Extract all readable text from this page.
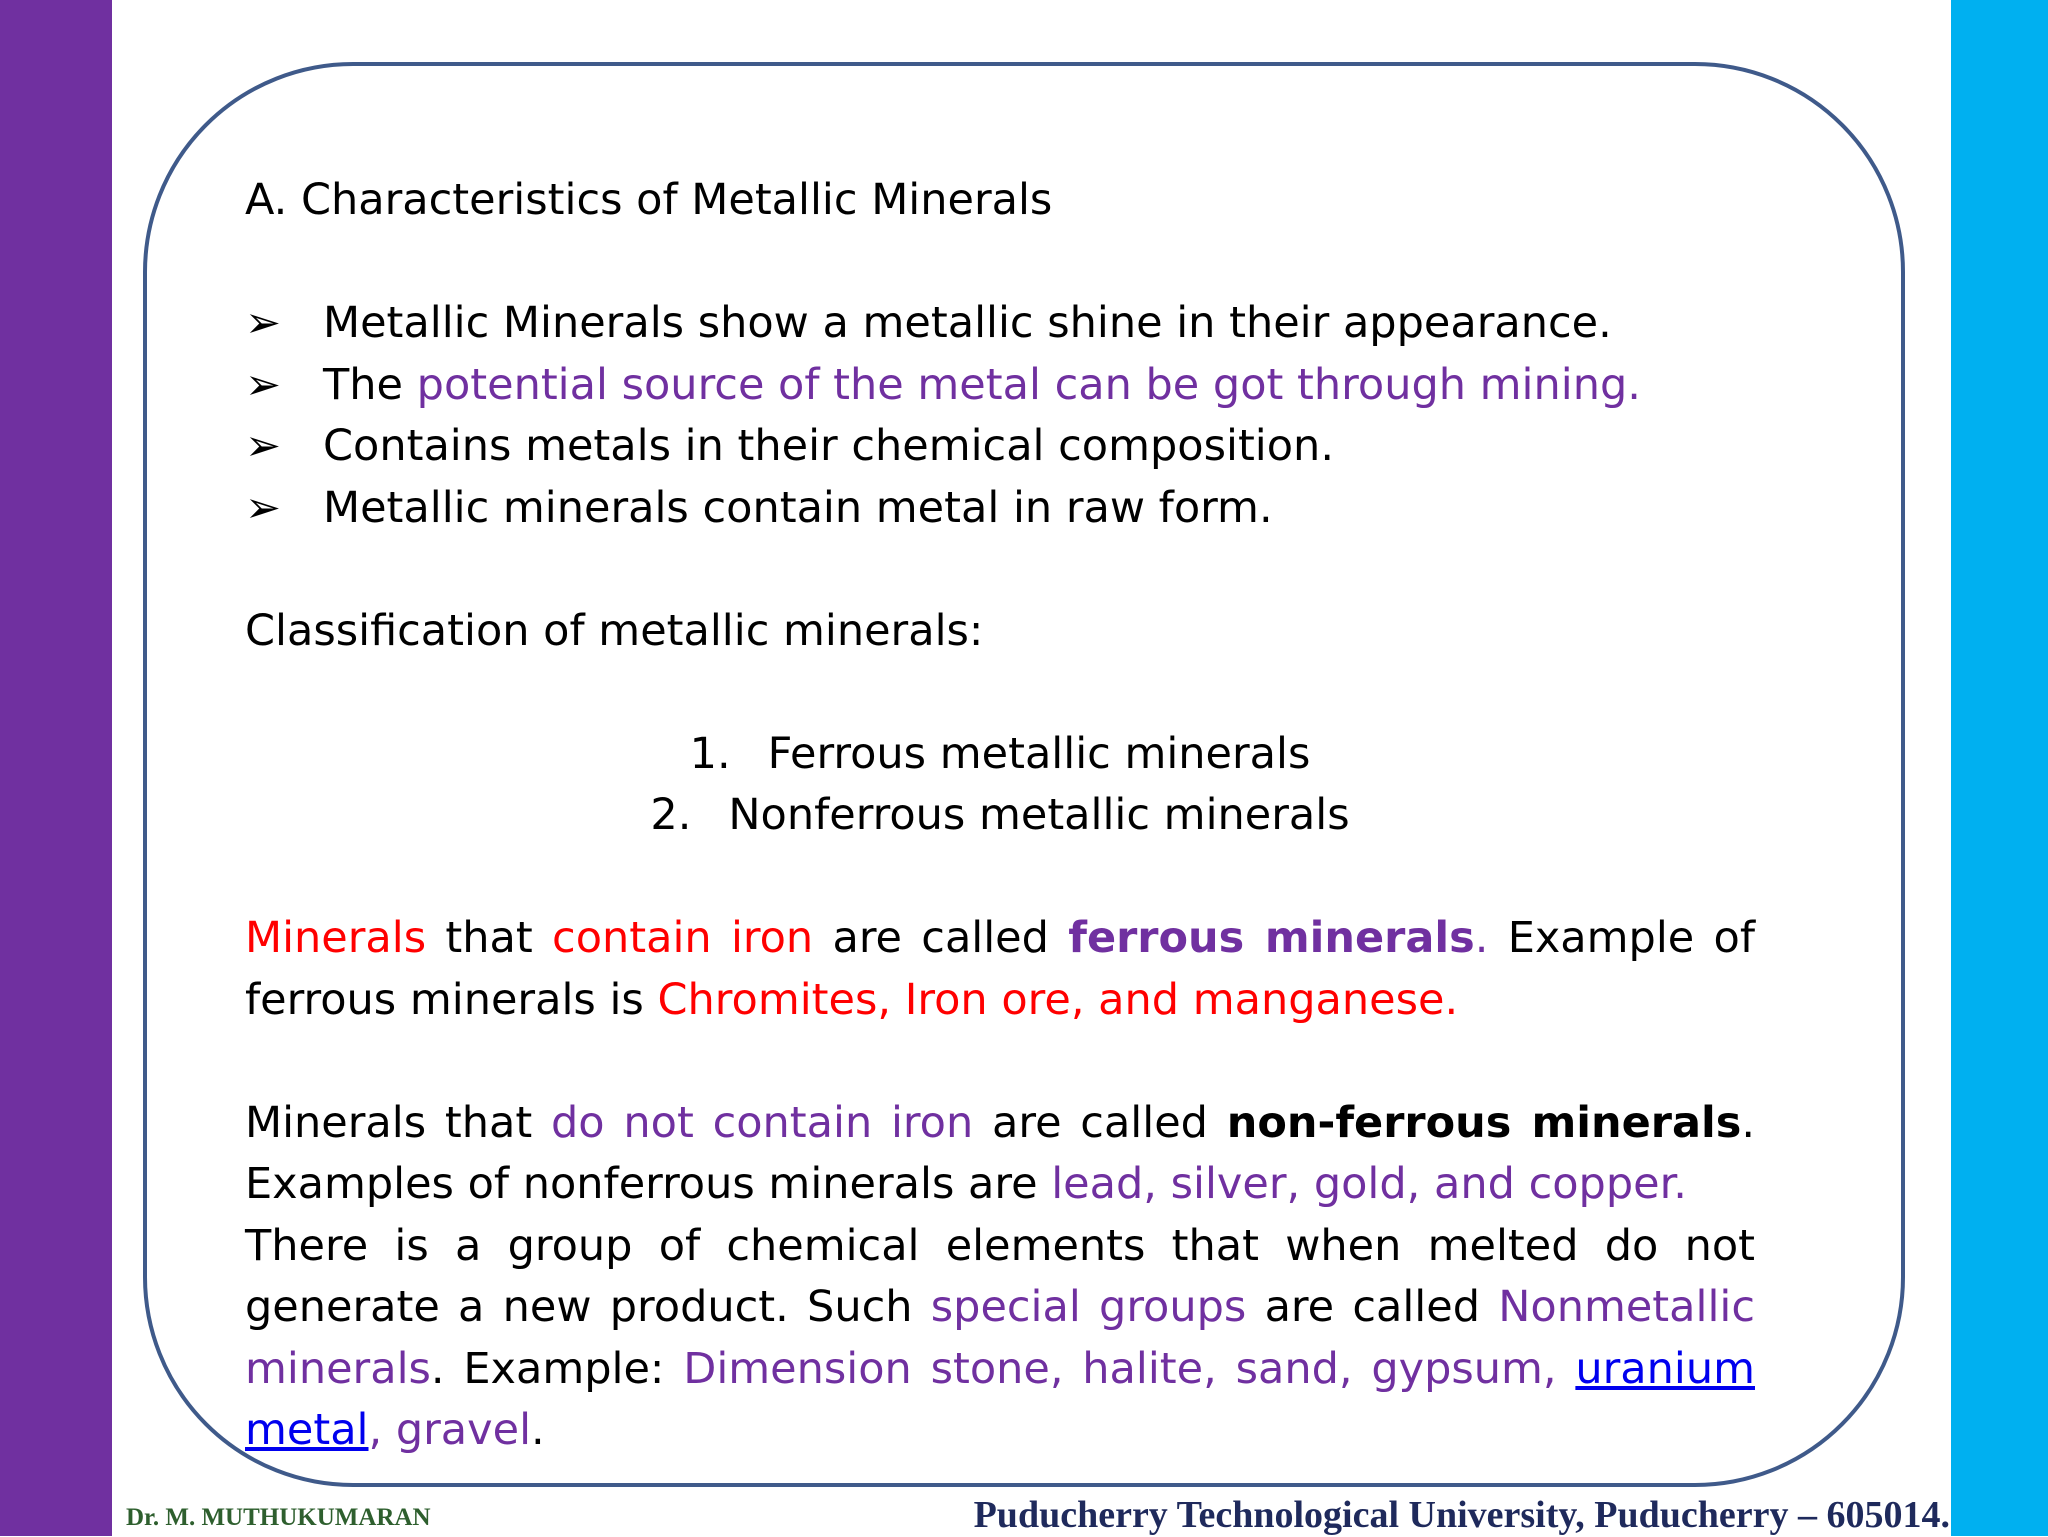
A. Characteristics of Metallic Minerals

➢ Metallic Minerals show a metallic shine in their appearance.
➢ The potential source of the metal can be got through mining.
➢ Contains metals in their chemical composition.
➢ Metallic minerals contain metal in raw form.

Classification of metallic minerals:

1. Ferrous metallic minerals
2. Nonferrous metallic minerals

Minerals that contain iron are called ferrous minerals. Example of ferrous minerals is Chromites, Iron ore, and manganese.

Minerals that do not contain iron are called non-ferrous minerals. Examples of nonferrous minerals are lead, silver, gold, and copper.

There is a group of chemical elements that when melted do not generate a new product. Such special groups are called Nonmetallic minerals. Example: Dimension stone, halite, sand, gypsum, uranium metal, gravel.

Dr. M. MUTHUKUMARAN	Puducherry Technological University, Puducherry – 605014.
